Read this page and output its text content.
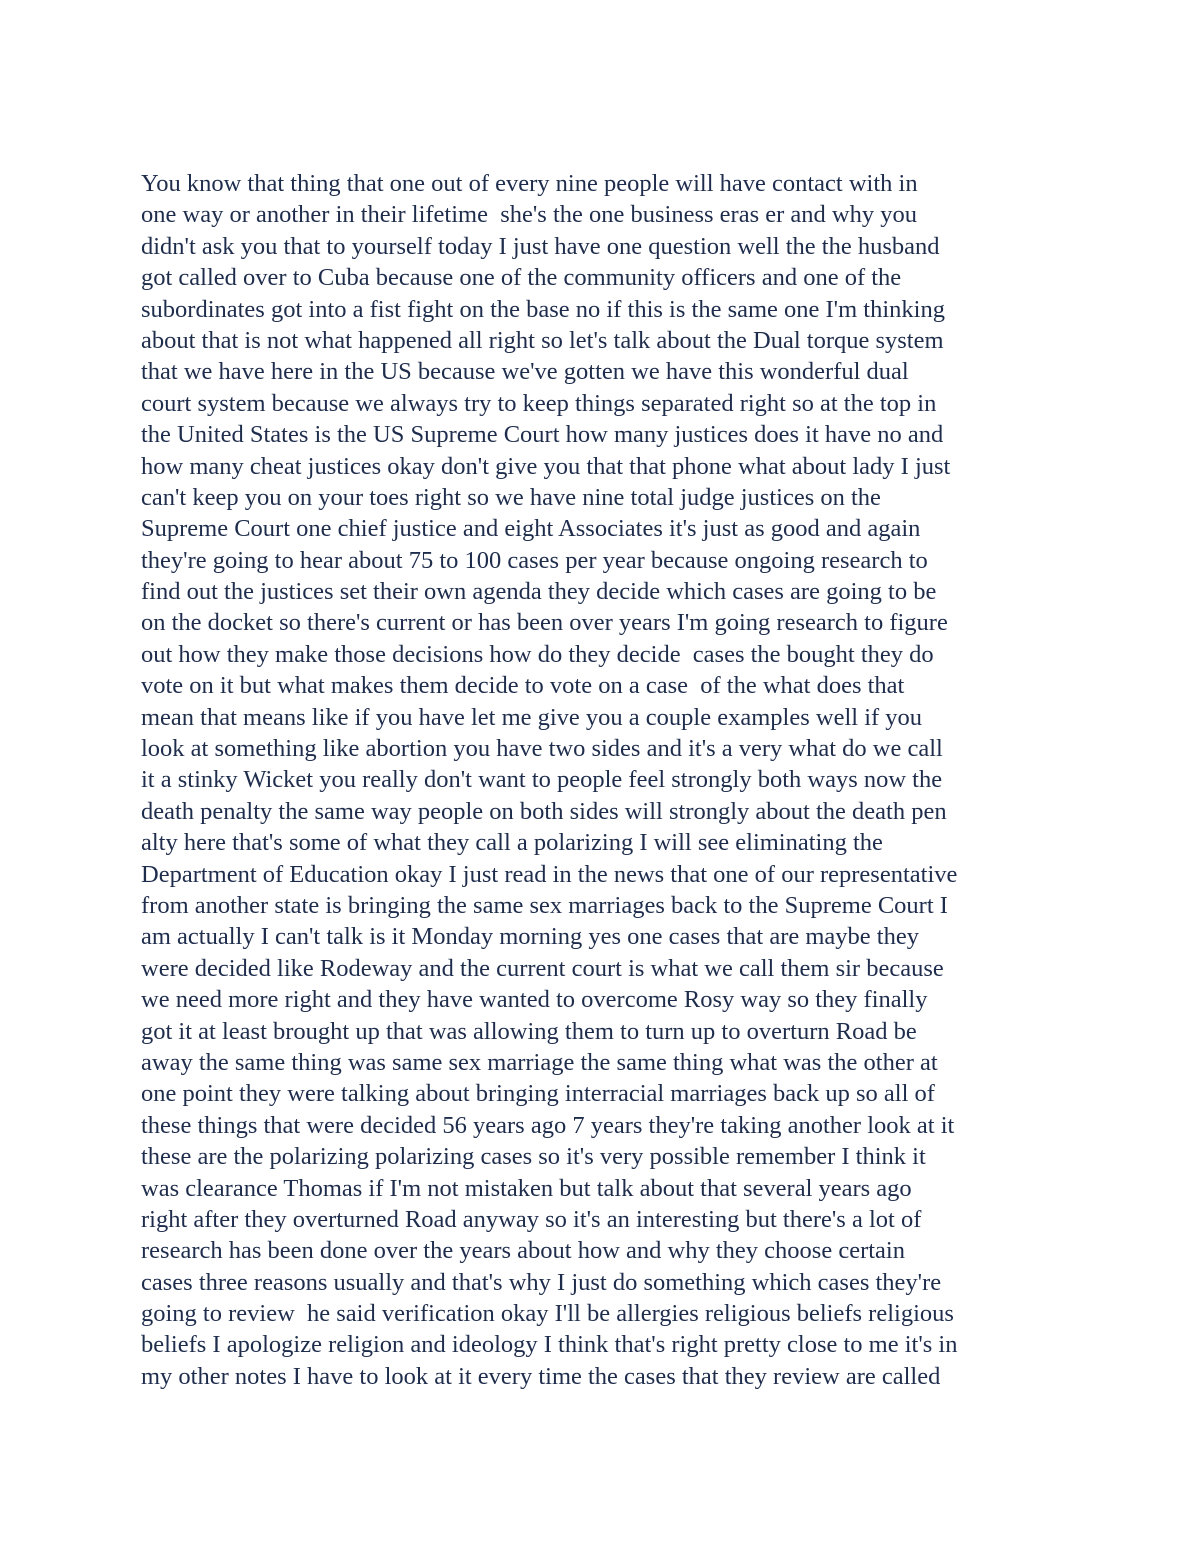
You know that thing that one out of every nine people will have contact with in
one way or another in their lifetime  she's the one business eras er and why you
didn't ask you that to yourself today I just have one question well the the husband
got called over to Cuba because one of the community officers and one of the
subordinates got into a fist fight on the base no if this is the same one I'm thinking
about that is not what happened all right so let's talk about the Dual torque system
that we have here in the US because we've gotten we have this wonderful dual
court system because we always try to keep things separated right so at the top in
the United States is the US Supreme Court how many justices does it have no and
how many cheat justices okay don't give you that that phone what about lady I just
can't keep you on your toes right so we have nine total judge justices on the
Supreme Court one chief justice and eight Associates it's just as good and again
they're going to hear about 75 to 100 cases per year because ongoing research to
find out the justices set their own agenda they decide which cases are going to be
on the docket so there's current or has been over years I'm going research to figure
out how they make those decisions how do they decide  cases the bought they do
vote on it but what makes them decide to vote on a case  of the what does that
mean that means like if you have let me give you a couple examples well if you
look at something like abortion you have two sides and it's a very what do we call
it a stinky Wicket you really don't want to people feel strongly both ways now the
death penalty the same way people on both sides will strongly about the death pen
alty here that's some of what they call a polarizing I will see eliminating the
Department of Education okay I just read in the news that one of our representative
from another state is bringing the same sex marriages back to the Supreme Court I
am actually I can't talk is it Monday morning yes one cases that are maybe they
were decided like Rodeway and the current court is what we call them sir because
we need more right and they have wanted to overcome Rosy way so they finally
got it at least brought up that was allowing them to turn up to overturn Road be
away the same thing was same sex marriage the same thing what was the other at
one point they were talking about bringing interracial marriages back up so all of
these things that were decided 56 years ago 7 years they're taking another look at it
these are the polarizing polarizing cases so it's very possible remember I think it
was clearance Thomas if I'm not mistaken but talk about that several years ago
right after they overturned Road anyway so it's an interesting but there's a lot of
research has been done over the years about how and why they choose certain
cases three reasons usually and that's why I just do something which cases they're
going to review  he said verification okay I'll be allergies religious beliefs religious
beliefs I apologize religion and ideology I think that's right pretty close to me it's in
my other notes I have to look at it every time the cases that they review are called
